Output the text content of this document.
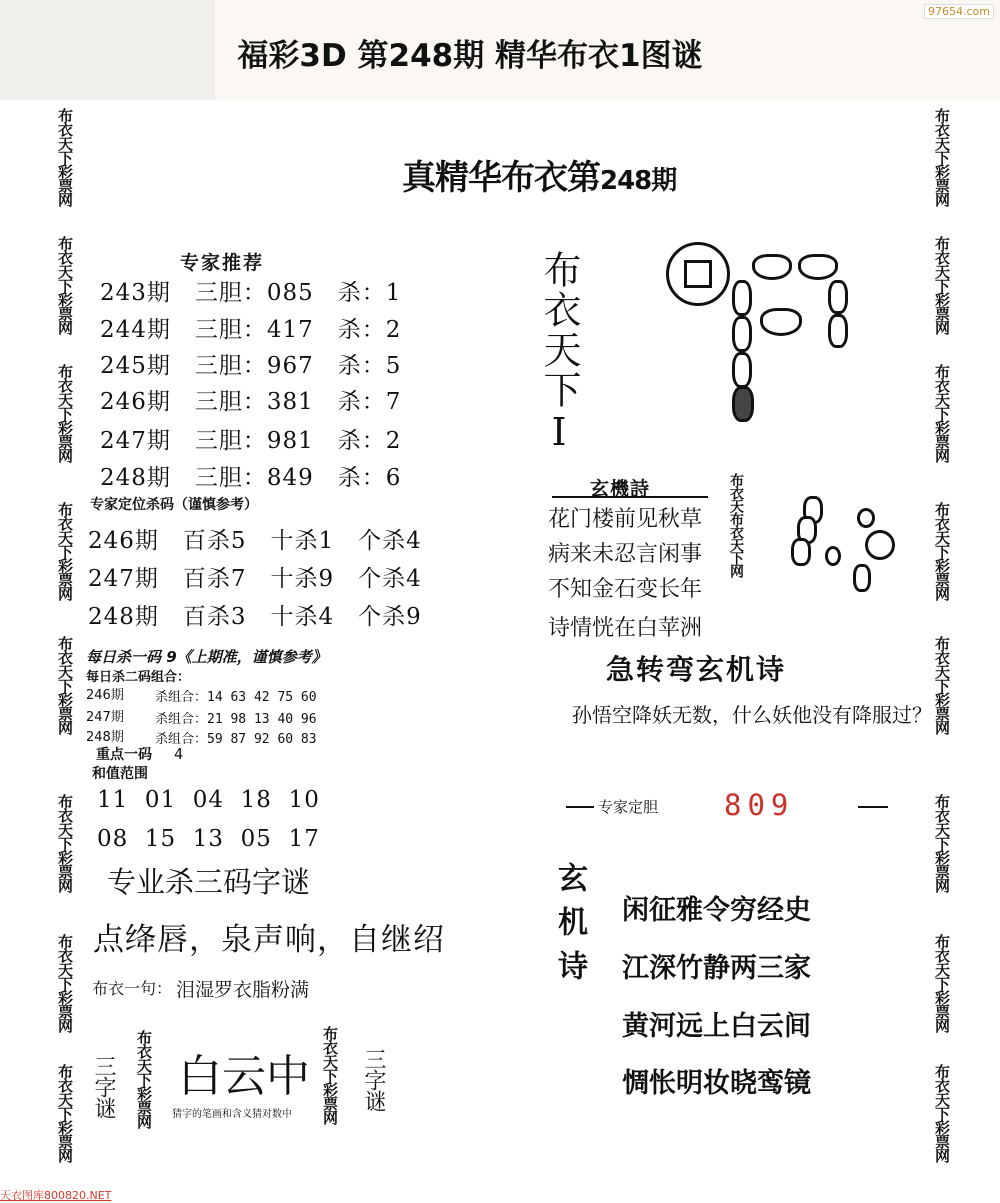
福彩3D 第248期 精华布衣1图谜
97654.com
布衣天下彩票网
布衣天下彩票网
布衣天下彩票网
布衣天下彩票网
布衣天下彩票网
布衣天下彩票网
布衣天下彩票网
布衣天下彩票网
布衣天下彩票网
布衣天下彩票网
布衣天下彩票网
布衣天下彩票网
布衣天下彩票网
布衣天下彩票网
布衣天下彩票网
布衣天下彩票网
真精华布衣第248期
专家推荐
243期　三胆：085　杀：1
244期　三胆：417　杀：2
245期　三胆：967　杀：5
246期　三胆：381　杀：7
247期　三胆：981　杀：2
248期　三胆：849　杀：6
专家定位杀码（谨慎参考）
246期　百杀5　十杀1　个杀4
247期　百杀7　十杀9　个杀4
248期　百杀3　十杀4　个杀9
每日杀一码 9《上期准，谨慎参考》
每日杀二码组合：
246期 杀组合：14 63 42 75 60
247期 杀组合：21 98 13 40 96
248期 杀组合：59 87 92 60 83
重点一码 4
和值范围
11  01  04  18  10
08  15  13  05  17
专业杀三码字谜
点绛唇，泉声响，自继绍
布衣一句： 泪湿罗衣脂粉满
三字谜 布衣天下彩票网 白云中
猜字的笔画和含义猜对数中	布衣天下彩票网 三字谜
布衣天下I
玄機詩
花门楼前见秋草
病来未忍言闲事
不知金石变长年
诗情恍在白苹洲
布衣天布衣天下网
急转弯玄机诗
孙悟空降妖无数，什么妖他没有降服过？
专家定胆 809
玄机诗 闲征雅令穷经史
江深竹静两三家
黄河远上白云间
惆怅明妆晓鸾镜
天衣图库800820.NET
